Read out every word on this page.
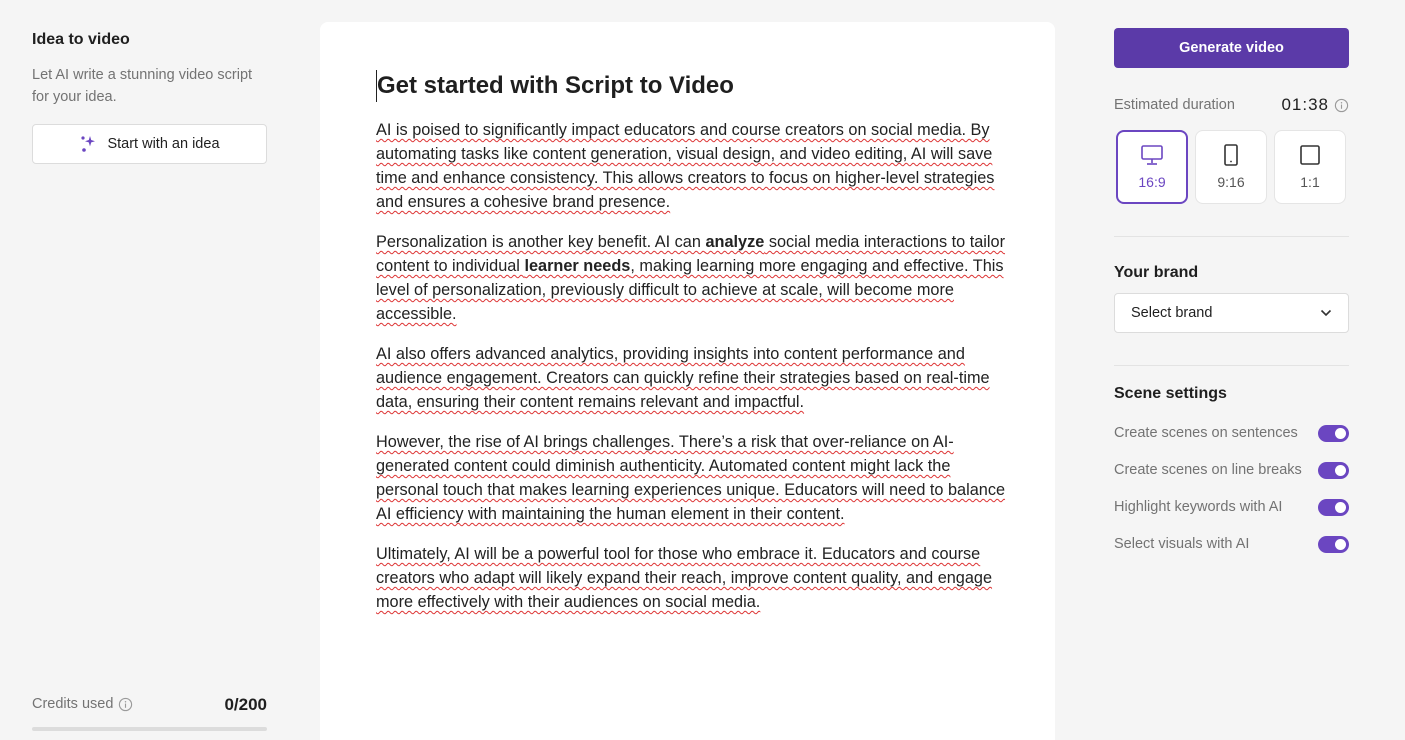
Idea to video
Let AI write a stunning video script for your idea.
Start with an idea
Credits used	0/200
Get started with Script to Video

AI is poised to significantly impact educators and course creators on social media. By automating tasks like content generation, visual design, and video editing, AI will save time and enhance consistency. This allows creators to focus on higher-level strategies and ensures a cohesive brand presence.

Personalization is another key benefit. AI can analyze social media interactions to tailor content to individual learner needs, making learning more engaging and effective. This level of personalization, previously difficult to achieve at scale, will become more accessible.

AI also offers advanced analytics, providing insights into content performance and audience engagement. Creators can quickly refine their strategies based on real-time data, ensuring their content remains relevant and impactful.

However, the rise of AI brings challenges. There’s a risk that over-reliance on AI-generated content could diminish authenticity. Automated content might lack the personal touch that makes learning experiences unique. Educators will need to balance AI efficiency with maintaining the human element in their content.

Ultimately, AI will be a powerful tool for those who embrace it. Educators and course creators who adapt will likely expand their reach, improve content quality, and engage more effectively with their audiences on social media.

Generate video
Estimated duration	01:38
16:9	9:16	1:1
Your brand
Select brand
Scene settings
Create scenes on sentences
Create scenes on line breaks
Highlight keywords with AI
Select visuals with AI
